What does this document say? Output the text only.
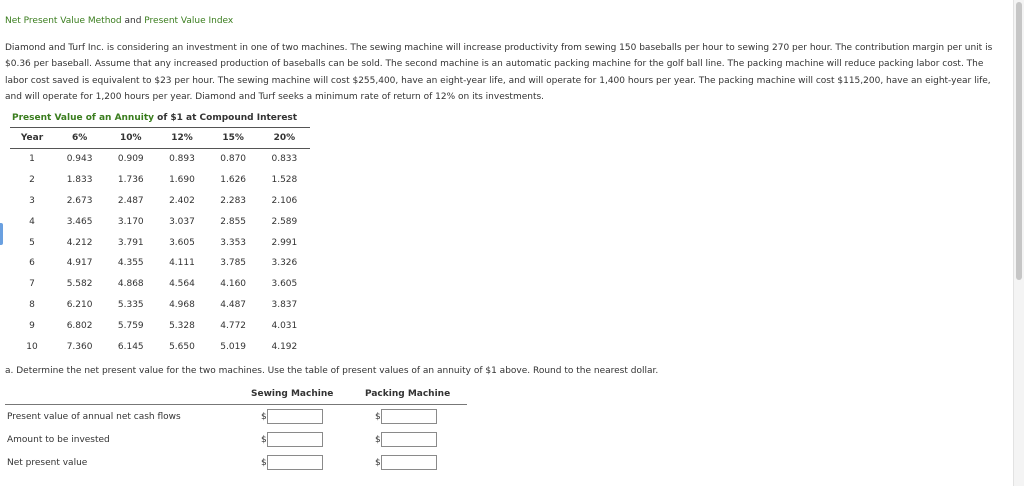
Net Present Value Method and Present Value Index
Diamond and Turf Inc. is considering an investment in one of two machines. The sewing machine will increase productivity from sewing 150 baseballs per hour to sewing 270 per hour. The contribution margin per unit is $0.36 per baseball. Assume that any increased production of baseballs can be sold. The second machine is an automatic packing machine for the golf ball line. The packing machine will reduce packing labor cost. The labor cost saved is equivalent to $23 per hour. The sewing machine will cost $255,400, have an eight-year life, and will operate for 1,400 hours per year. The packing machine will cost $115,200, have an eight-year life, and will operate for 1,200 hours per year. Diamond and Turf seeks a minimum rate of return of 12% on its investments.
Present Value of an Annuity of $1 at Compound Interest
Year	6%	10%	12%	15%	20%
1	0.943	0.909	0.893	0.870	0.833
2	1.833	1.736	1.690	1.626	1.528
3	2.673	2.487	2.402	2.283	2.106
4	3.465	3.170	3.037	2.855	2.589
5	4.212	3.791	3.605	3.353	2.991
6	4.917	4.355	4.111	3.785	3.326
7	5.582	4.868	4.564	4.160	3.605
8	6.210	5.335	4.968	4.487	3.837
9	6.802	5.759	5.328	4.772	4.031
10	7.360	6.145	5.650	5.019	4.192
a. Determine the net present value for the two machines. Use the table of present values of an annuity of $1 above. Round to the nearest dollar.
Sewing Machine	Packing Machine
Present value of annual net cash flows	$	$
Amount to be invested	$	$
Net present value	$	$
